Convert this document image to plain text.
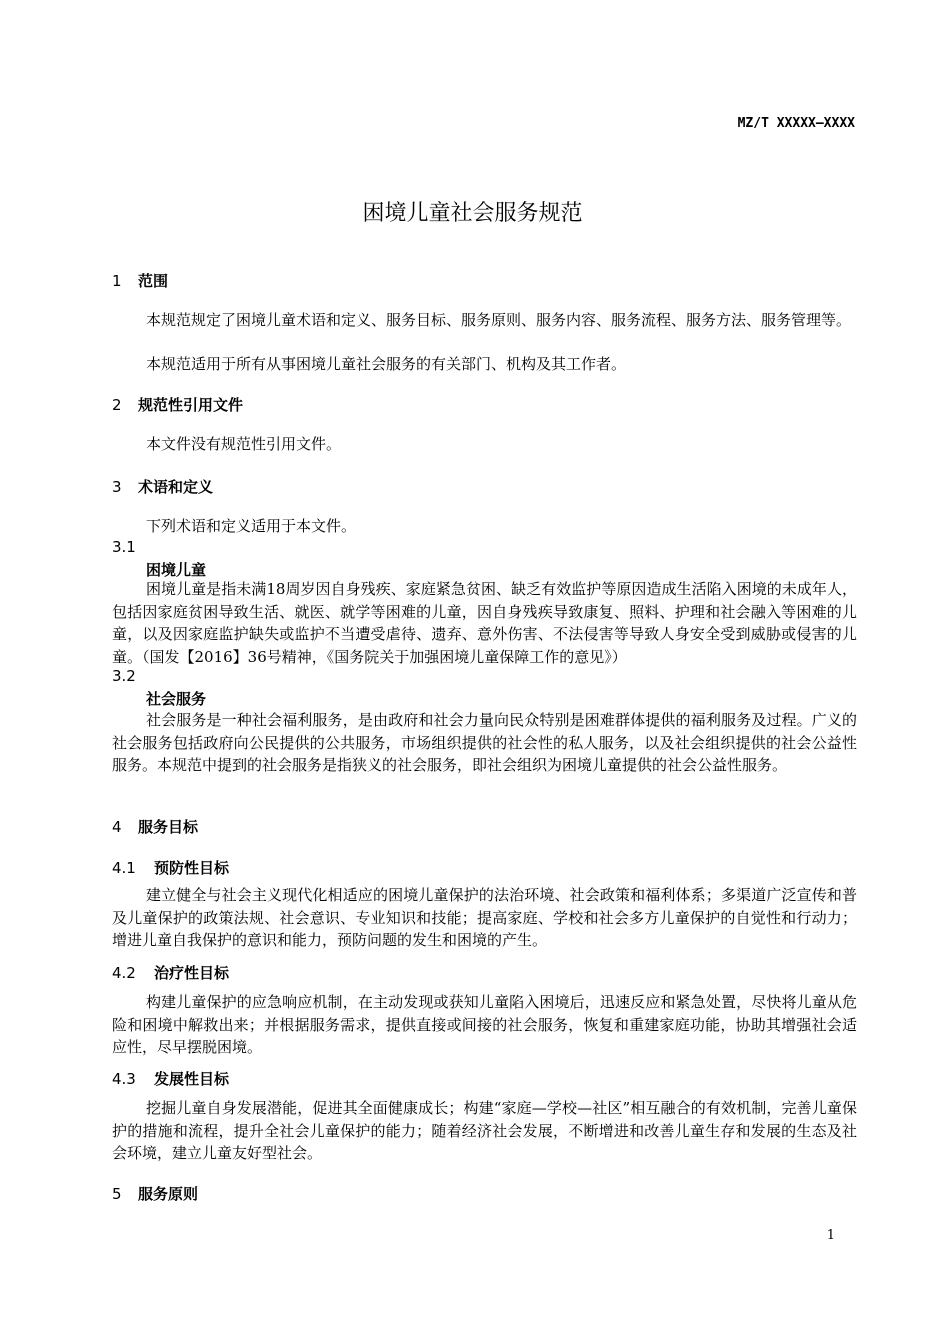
MZ/T XXXXX—XXXX
困境儿童社会服务规范
1 范围
本规范规定了困境儿童术语和定义、服务目标、服务原则、服务内容、服务流程、服务方法、服务管理等。
本规范适用于所有从事困境儿童社会服务的有关部门、机构及其工作者。
2 规范性引用文件
本文件没有规范性引用文件。
3 术语和定义
下列术语和定义适用于本文件。
3.1
困境儿童
困境儿童是指未满18周岁因自身残疾、家庭紧急贫困、缺乏有效监护等原因造成生活陷入困境的未成年人，包括因家庭贫困导致生活、就医、就学等困难的儿童，因自身残疾导致康复、照料、护理和社会融入等困难的儿童，以及因家庭监护缺失或监护不当遭受虐待、遗弃、意外伤害、不法侵害等导致人身安全受到威胁或侵害的儿童。（国发【2016】36号精神，《国务院关于加强困境儿童保障工作的意见》）
3.2
社会服务
社会服务是一种社会福利服务，是由政府和社会力量向民众特别是困难群体提供的福利服务及过程。广义的社会服务包括政府向公民提供的公共服务，市场组织提供的社会性的私人服务，以及社会组织提供的社会公益性服务。本规范中提到的社会服务是指狭义的社会服务，即社会组织为困境儿童提供的社会公益性服务。
4 服务目标
4.1 预防性目标
建立健全与社会主义现代化相适应的困境儿童保护的法治环境、社会政策和福利体系；多渠道广泛宣传和普及儿童保护的政策法规、社会意识、专业知识和技能；提高家庭、学校和社会多方儿童保护的自觉性和行动力；增进儿童自我保护的意识和能力，预防问题的发生和困境的产生。
4.2 治疗性目标
构建儿童保护的应急响应机制，在主动发现或获知儿童陷入困境后，迅速反应和紧急处置，尽快将儿童从危险和困境中解救出来；并根据服务需求，提供直接或间接的社会服务，恢复和重建家庭功能，协助其增强社会适应性，尽早摆脱困境。
4.3 发展性目标
挖掘儿童自身发展潜能，促进其全面健康成长；构建“家庭—学校—社区”相互融合的有效机制，完善儿童保护的措施和流程，提升全社会儿童保护的能力；随着经济社会发展，不断增进和改善儿童生存和发展的生态及社会环境，建立儿童友好型社会。
5 服务原则
1
